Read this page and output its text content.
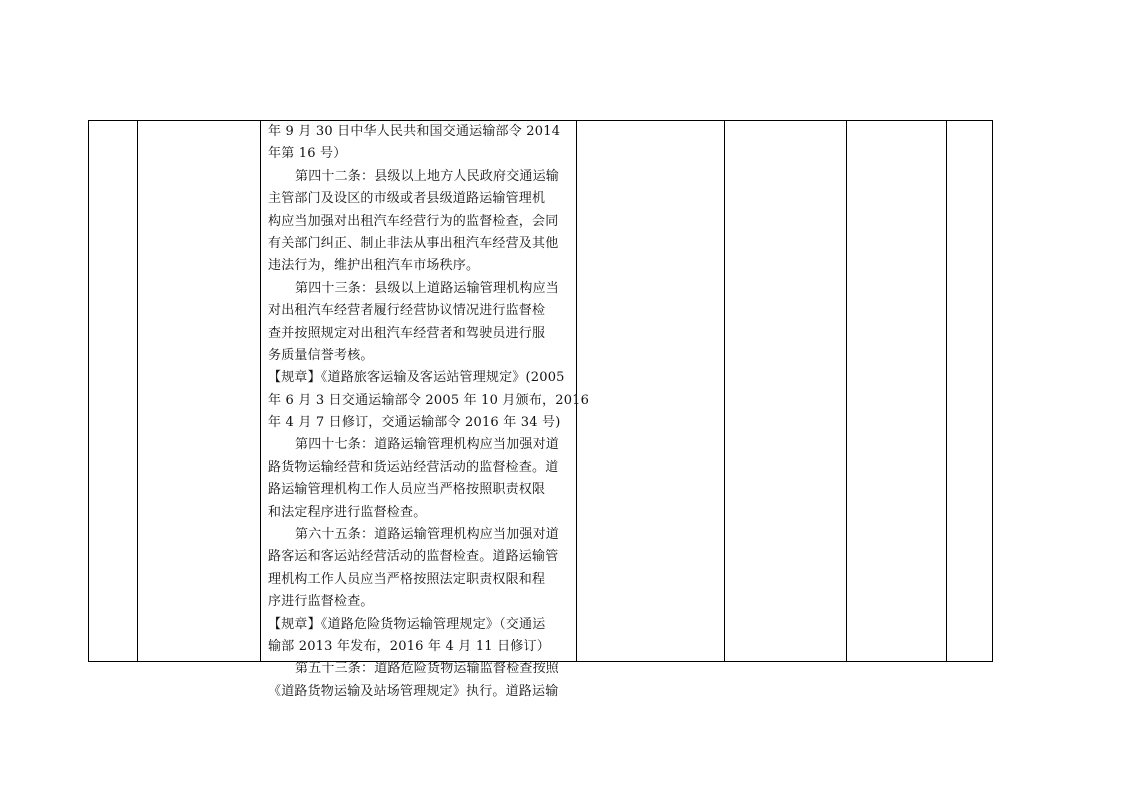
年 9 月 30 日中华人民共和国交通运输部令 2014
年第 16 号）
第四十二条：县级以上地方人民政府交通运输
主管部门及设区的市级或者县级道路运输管理机
构应当加强对出租汽车经营行为的监督检查，会同
有关部门纠正、制止非法从事出租汽车经营及其他
违法行为，维护出租汽车市场秩序。
第四十三条：县级以上道路运输管理机构应当
对出租汽车经营者履行经营协议情况进行监督检
查并按照规定对出租汽车经营者和驾驶员进行服
务质量信誉考核。
【规章】《道路旅客运输及客运站管理规定》(2005
年 6 月 3 日交通运输部令 2005 年 10 月颁布，2016
年 4 月 7 日修订，交通运输部令 2016 年 34 号)
第四十七条：道路运输管理机构应当加强对道
路货物运输经营和货运站经营活动的监督检查。道
路运输管理机构工作人员应当严格按照职责权限
和法定程序进行监督检查。
第六十五条：道路运输管理机构应当加强对道
路客运和客运站经营活动的监督检查。道路运输管
理机构工作人员应当严格按照法定职责权限和程
序进行监督检查。
【规章】《道路危险货物运输管理规定》（交通运
输部 2013 年发布，2016 年 4 月 11 日修订）
第五十三条：道路危险货物运输监督检查按照
《道路货物运输及站场管理规定》执行。道路运输
